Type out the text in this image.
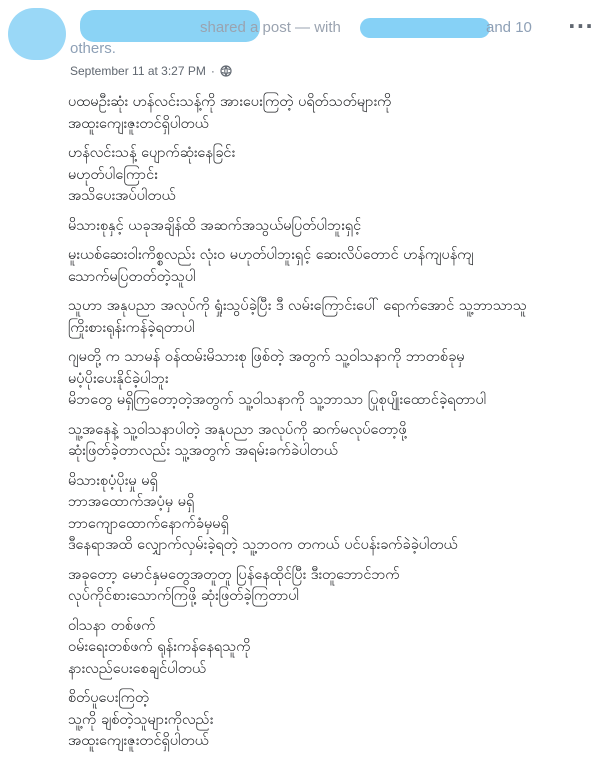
shared a post — with	and 10
others.
···
September 11 at 3:27 PM ·
ပထမဦးဆုံး ဟန်လင်းသန့်ကို အားပေးကြတဲ့ ပရိတ်သတ်များကို
အထူးကျေးဇူးတင်ရှိပါတယ်
ဟန်လင်းသန့် ပျောက်ဆုံးနေခြင်း
မဟုတ်ပါကြောင်း
အသိပေးအပ်ပါတယ်
မိသားစုနှင့် ယခုအချိန်ထိ အဆက်အသွယ်မပြတ်ပါဘူးရှင့်
မူးယစ်ဆေးဝါးကိစ္စလည်း လုံးဝ မဟုတ်ပါဘူးရှင့် ဆေးလိပ်တောင် ဟန်ကျပန်ကျ
သောက်မပြတတ်တဲ့သူပါ
သူဟာ အနုပညာ အလုပ်ကို ရှုံးသွပ်ခဲ့ပြီး ဒီ လမ်းကြောင်းပေါ် ရောက်အောင် သူ့ဘာသာသူ
ကြိုးစားရုန်းကန်ခဲ့ရတာပါ
ဂျမတို့ က သာမန် ဝန်ထမ်းမိသားစု ဖြစ်တဲ့ အတွက် သူ့ဝါသနာကို ဘာတစ်ခုမှ
မပံ့ပိုးပေးနိုင်ခဲ့ပါဘူး
မိဘတွေ မရှိကြတော့တဲ့အတွက် သူ့ဝါသနာကို သူ့ဘာသာ ပြုစုပျိုးထောင်ခဲ့ရတာပါ
သူ့အနေနဲ့ သူ့ဝါသနာပါတဲ့ အနုပညာ အလုပ်ကို ဆက်မလုပ်တော့ဖို့
ဆုံးဖြတ်ခဲ့တာလည်း သူ့အတွက် အရမ်းခက်ခဲပါတယ်
မိသားစုပံ့ပိုးမှု မရှိ
ဘာအထောက်အပံ့မှ မရှိ
ဘာကျောထောက်နောက်ခံမှမရှိ
ဒီနေရာအထိ လျှောက်လှမ်းခဲ့ရတဲ့ သူ့ဘဝက တကယ် ပင်ပန်းခက်ခဲခဲ့ပါတယ်
အခုတော့ မောင်နှမတွေအတူတူ ပြန်နေထိုင်ပြီး ဒီးတူဘောင်ဘက်
လုပ်ကိုင်စားသောက်ကြဖို့ ဆုံးဖြတ်ခဲ့ကြတာပါ
ဝါသနာ တစ်ဖက်
ဝမ်းရေးတစ်ဖက် ရုန်းကန်နေရသူကို
နားလည်ပေးစေချင်ပါတယ်
စိတ်ပူပေးကြတဲ့
သူ့ကို ချစ်တဲ့သူများကိုလည်း
အထူးကျေးဇူးတင်ရှိပါတယ်
